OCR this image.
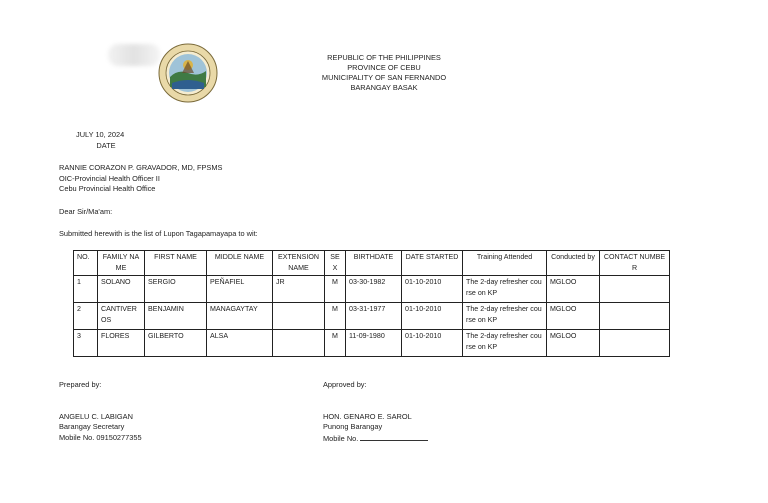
REPUBLIC OF THE PHILIPPINES
PROVINCE OF CEBU
MUNICIPALITY OF SAN FERNANDO
BARANGAY BASAK
JULY 10, 2024
DATE
RANNIE CORAZON P. GRAVADOR, MD, FPSMS
OIC-Provincial Health Officer II
Cebu Provincial Health Office
Dear Sir/Ma'am:
Submitted herewith is the list of Lupon Tagapamayapa to wit:
NO.	FAMILY NAME	FIRST NAME	MIDDLE NAME	EXTENSION NAME	SEX	BIRTHDATE	DATE STARTED	Training Attended	Conducted by	CONTACT NUMBER
1	SOLANO	SERGIO	PEÑAFIEL	JR	M	03-30-1982	01-10-2010	The 2-day refresher course on KP	MGLOO	
2	CANTIVEROS	BENJAMIN	MANAGAYTAY		M	03-31-1977	01-10-2010	The 2-day refresher course on KP	MGLOO	
3	FLORES	GILBERTO	ALSA		M	11-09-1980	01-10-2010	The 2-day refresher course on KP	MGLOO	
Prepared by:
ANGELU C. LABIGAN
Barangay Secretary
Mobile No. 09150277355
Approved by:
HON. GENARO E. SAROL
Punong Barangay
Mobile No.
